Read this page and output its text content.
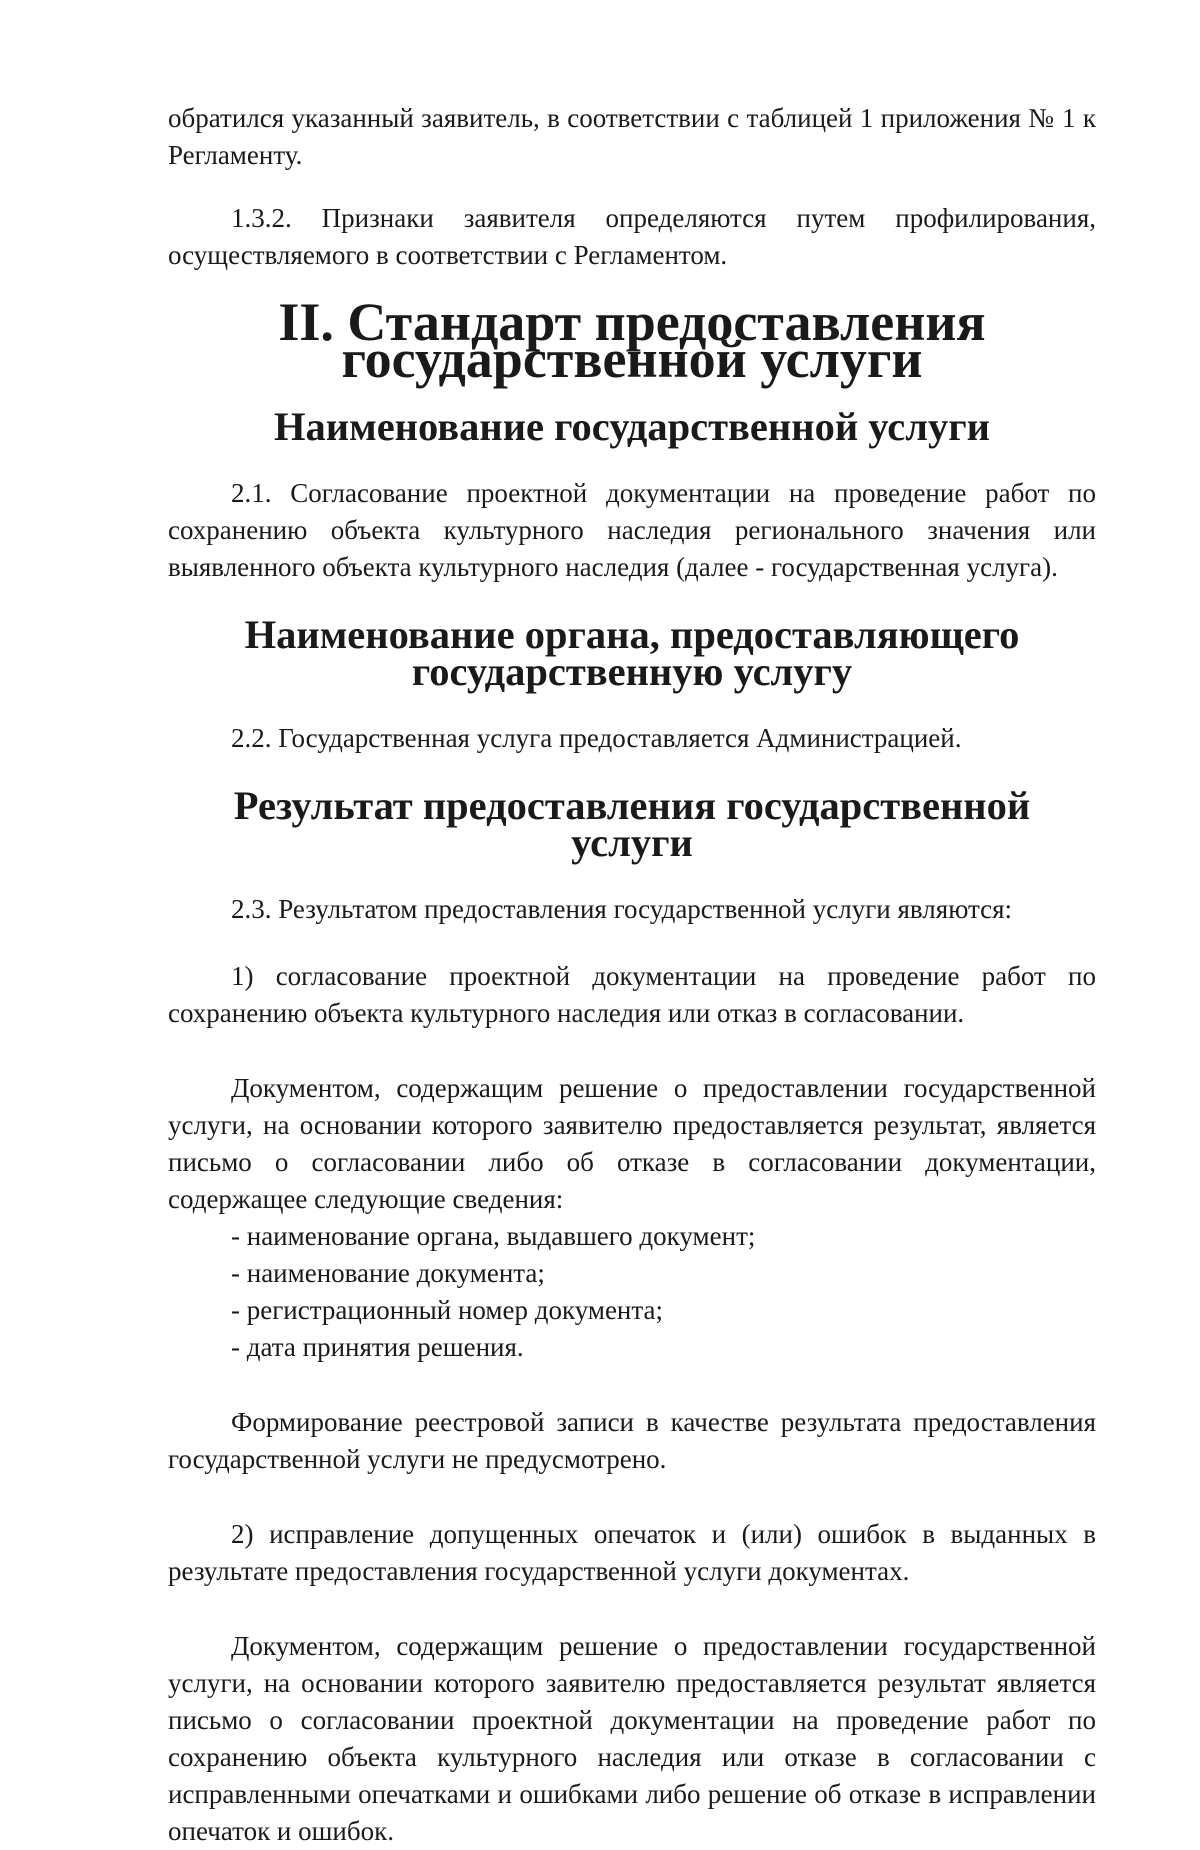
обратился указанный заявитель, в соответствии с таблицей 1 приложения № 1 к Регламенту.

1.3.2. Признаки заявителя определяются путем профилирования, осуществляемого в соответствии с Регламентом.

II. Стандарт предоставления государственной услуги
Наименование государственной услуги

2.1. Согласование проектной документации на проведение работ по сохранению объекта культурного наследия регионального значения или выявленного объекта культурного наследия (далее - государственная услуга).

Наименование органа, предоставляющего государственную услугу

2.2. Государственная услуга предоставляется Администрацией.

Результат предоставления государственной услуги

2.3. Результатом предоставления государственной услуги являются:

1) согласование проектной документации на проведение работ по сохранению объекта культурного наследия или отказ в согласовании.

Документом, содержащим решение о предоставлении государственной услуги, на основании которого заявителю предоставляется результат, является письмо о согласовании либо об отказе в согласовании документации, содержащее следующие сведения:

- наименование органа, выдавшего документ;
- наименование документа;
- регистрационный номер документа;
- дата принятия решения.

Формирование реестровой записи в качестве результата предоставления государственной услуги не предусмотрено.

2) исправление допущенных опечаток и (или) ошибок в выданных в результате предоставления государственной услуги документах.

Документом, содержащим решение о предоставлении государственной услуги, на основании которого заявителю предоставляется результат является письмо о согласовании проектной документации на проведение работ по сохранению объекта культурного наследия или отказе в согласовании с исправленными опечатками и ошибками либо решение об отказе в исправлении опечаток и ошибок.
